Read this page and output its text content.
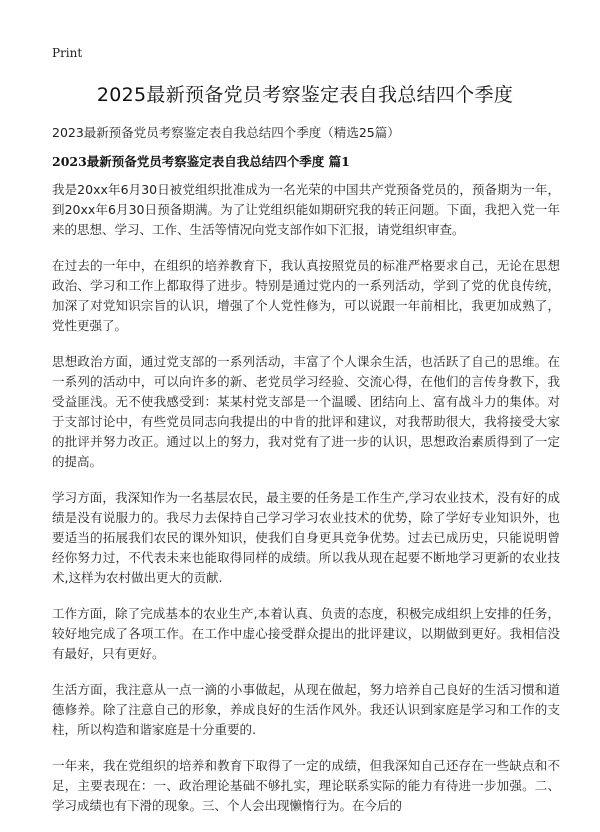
Print
2025最新预备党员考察鉴定表自我总结四个季度
2023最新预备党员考察鉴定表自我总结四个季度（精选25篇）
2023最新预备党员考察鉴定表自我总结四个季度 篇1

我是20xx年6月30日被党组织批准成为一名光荣的中国共产党预备党员的，预备期为一年，到20xx年6月30日预备期满。为了让党组织能如期研究我的转正问题。下面，我把入党一年来的思想、学习、工作、生活等情况向党支部作如下汇报，请党组织审查。

在过去的一年中，在组织的培养教育下，我认真按照党员的标准严格要求自己，无论在思想政治、学习和工作上都取得了进步。特别是通过党内的一系列活动，学到了党的优良传统，加深了对党知识宗旨的认识，增强了个人党性修为，可以说跟一年前相比，我更加成熟了，党性更强了。

思想政治方面，通过党支部的一系列活动，丰富了个人课余生活，也活跃了自己的思维。在一系列的活动中，可以向许多的新、老党员学习经验、交流心得，在他们的言传身教下，我受益匪浅。无不使我感受到：某某村党支部是一个温暖、团结向上、富有战斗力的集体。对于支部讨论中，有些党员同志向我提出的中肯的批评和建议，对我帮助很大，我将接受大家的批评并努力改正。通过以上的努力，我对党有了进一步的认识，思想政治素质得到了一定的提高。

学习方面，我深知作为一名基层农民，最主要的任务是工作生产,学习农业技术，没有好的成绩是没有说服力的。我尽力去保持自己学习学习农业技术的优势，除了学好专业知识外，也要适当的拓展我们农民的课外知识，使我们自身更具竞争优势。过去已成历史，只能说明曾经你努力过，不代表未来也能取得同样的成绩。所以我从现在起要不断地学习更新的农业技术,这样为农村做出更大的贡献.

工作方面，除了完成基本的农业生产,本着认真、负责的态度，积极完成组织上安排的任务，较好地完成了各项工作。在工作中虚心接受群众提出的批评建议，以期做到更好。我相信没有最好，只有更好。

生活方面，我注意从一点一滴的小事做起，从现在做起，努力培养自己良好的生活习惯和道德修养。除了注意自己的形象，养成良好的生活作风外。我还认识到家庭是学习和工作的支柱，所以构造和谐家庭是十分重要的.

一年来，我在党组织的培养和教育下取得了一定的成绩，但我深知自己还存在一些缺点和不足，主要表现在：一、政治理论基础不够扎实，理论联系实际的能力有待进一步加强。二、学习成绩也有下滑的现象。三、个人会出现懒惰行为。在今后的
